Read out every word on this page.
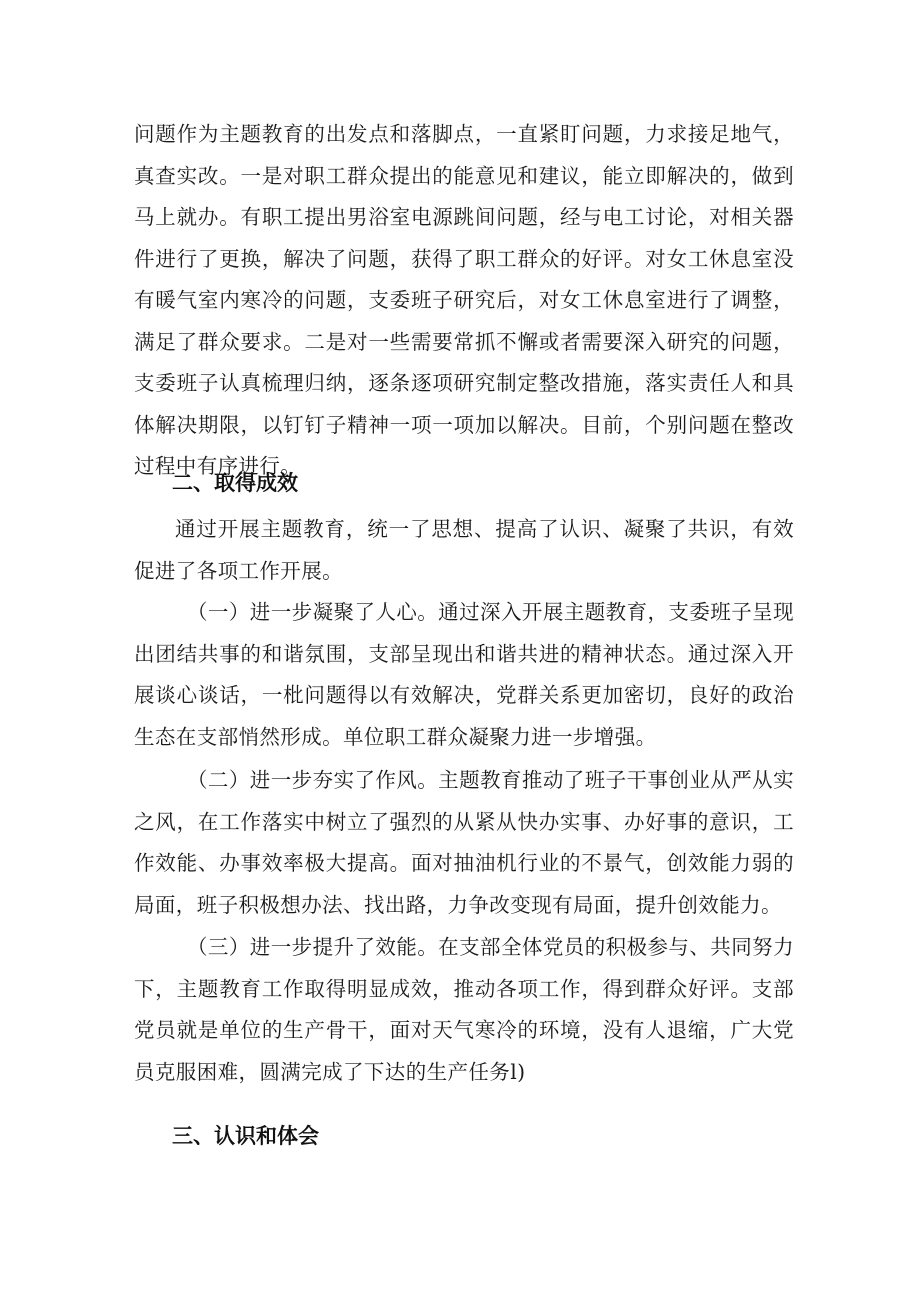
问题作为主题教育的出发点和落脚点，一直紧盯问题，力求接足地气，真查实改。一是对职工群众提出的能意见和建议，能立即解决的，做到马上就办。有职工提出男浴室电源跳间问题，经与电工讨论，对相关器件进行了更换，解决了问题，获得了职工群众的好评。对女工休息室没有暖气室内寒冷的问题，支委班子研究后，对女工休息室进行了调整，满足了群众要求。二是对一些需要常抓不懈或者需要深入研究的问题，支委班子认真梳理归纳，逐条逐项研究制定整改措施，落实责任人和具体解决期限，以钉钉子精神一项一项加以解决。目前，个别问题在整改过程中有序进行。

二、取得成效

通过开展主题教育，统一了思想、提高了认识、凝聚了共识，有效促进了各项工作开展。

（一）进一步凝聚了人心。通过深入开展主题教育，支委班子呈现出团结共事的和谐氛围，支部呈现出和谐共进的精神状态。通过深入开展谈心谈话，一枇问题得以有效解决，党群关系更加密切，良好的政治生态在支部悄然形成。单位职工群众凝聚力进一步增强。

（二）进一步夯实了作风。主题教育推动了班子干事创业从严从实之风，在工作落实中树立了强烈的从紧从快办实事、办好事的意识，工作效能、办事效率极大提高。面对抽油机行业的不景气，创效能力弱的局面，班子积极想办法、找出路，力争改变现有局面，提升创效能力。

（三）进一步提升了效能。在支部全体党员的积极参与、共同努力下，主题教育工作取得明显成效，推动各项工作，得到群众好评。支部党员就是单位的生产骨干，面对天气寒冷的环境，没有人退缩，广大党员克服困难，圆满完成了下达的生产任务l)

三、认识和体会
